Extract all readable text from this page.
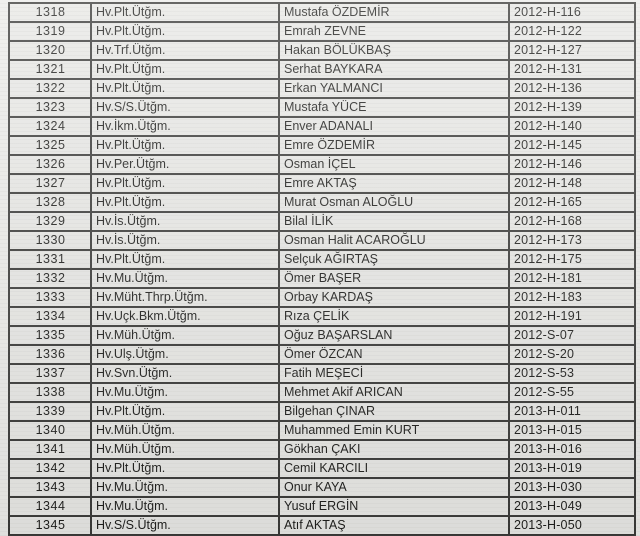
1318	Hv.Plt.Ütğm.	Mustafa ÖZDEMİR	2012-H-116
1319	Hv.Plt.Ütğm.	Emrah ZEVNE	2012-H-122
1320	Hv.Trf.Ütğm.	Hakan BÖLÜKBAŞ	2012-H-127
1321	Hv.Plt.Ütğm.	Serhat BAYKARA	2012-H-131
1322	Hv.Plt.Ütğm.	Erkan YALMANCI	2012-H-136
1323	Hv.S/S.Ütğm.	Mustafa YÜCE	2012-H-139
1324	Hv.İkm.Ütğm.	Enver ADANALI	2012-H-140
1325	Hv.Plt.Ütğm.	Emre ÖZDEMİR	2012-H-145
1326	Hv.Per.Ütğm.	Osman İÇEL	2012-H-146
1327	Hv.Plt.Ütğm.	Emre AKTAŞ	2012-H-148
1328	Hv.Plt.Ütğm.	Murat Osman ALOĞLU	2012-H-165
1329	Hv.İs.Ütğm.	Bilal İLİK	2012-H-168
1330	Hv.İs.Ütğm.	Osman Halit ACAROĞLU	2012-H-173
1331	Hv.Plt.Ütğm.	Selçuk AĞIRTAŞ	2012-H-175
1332	Hv.Mu.Ütğm.	Ömer BAŞER	2012-H-181
1333	Hv.Müht.Thrp.Ütğm.	Orbay KARDAŞ	2012-H-183
1334	Hv.Uçk.Bkm.Ütğm.	Rıza ÇELİK	2012-H-191
1335	Hv.Müh.Ütğm.	Oğuz BAŞARSLAN	2012-S-07
1336	Hv.Ulş.Ütğm.	Ömer ÖZCAN	2012-S-20
1337	Hv.Svn.Ütğm.	Fatih MEŞECİ	2012-S-53
1338	Hv.Mu.Ütğm.	Mehmet Akif ARICAN	2012-S-55
1339	Hv.Plt.Ütğm.	Bilgehan ÇINAR	2013-H-011
1340	Hv.Müh.Ütğm.	Muhammed Emin KURT	2013-H-015
1341	Hv.Müh.Ütğm.	Gökhan ÇAKI	2013-H-016
1342	Hv.Plt.Ütğm.	Cemil KARCILI	2013-H-019
1343	Hv.Mu.Ütğm.	Onur KAYA	2013-H-030
1344	Hv.Mu.Ütğm.	Yusuf ERGİN	2013-H-049
1345	Hv.S/S.Ütğm.	Atıf AKTAŞ	2013-H-050
